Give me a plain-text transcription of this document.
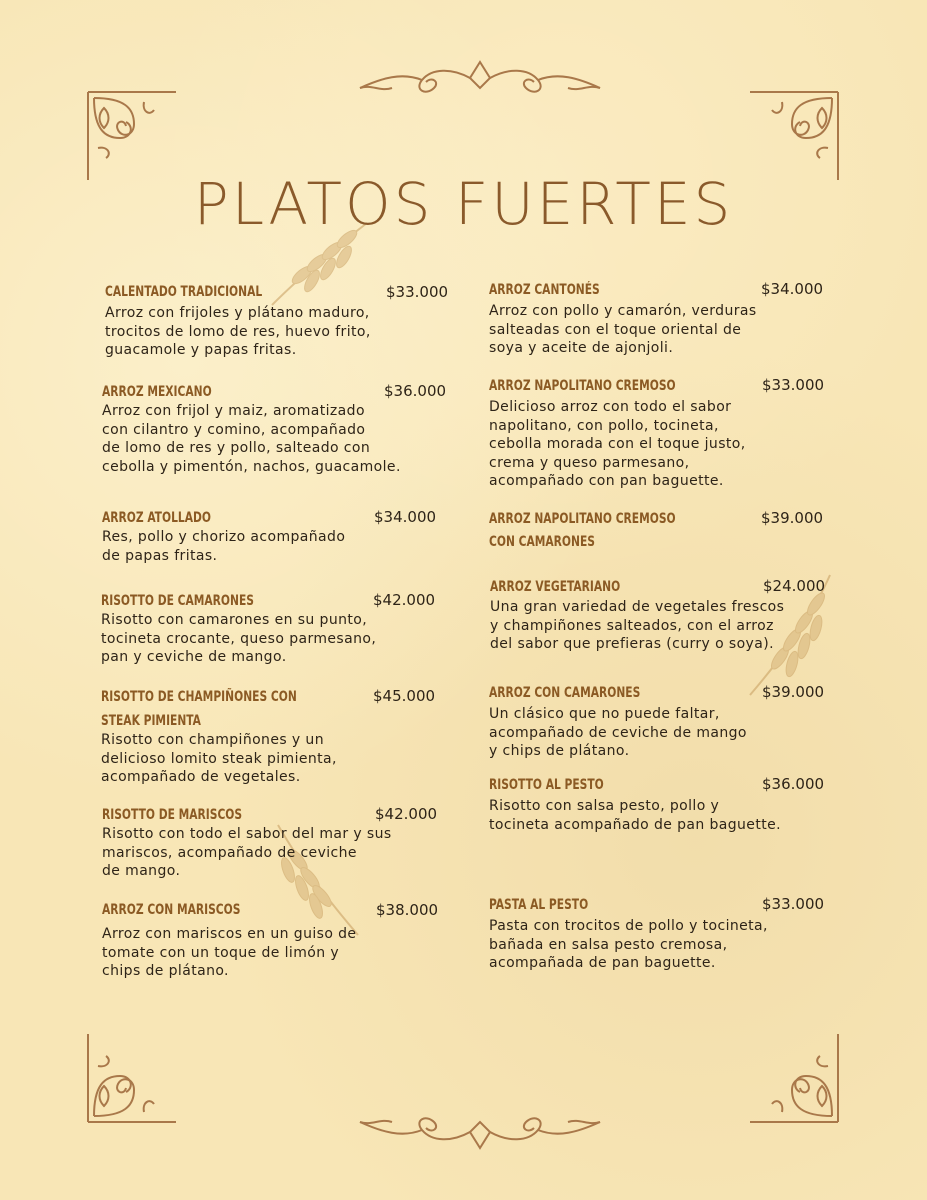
PLATOS FUERTES
CALENTADO TRADICIONAL	$33.000
Arroz con frijoles y plátano maduro,
trocitos de lomo de res, huevo frito,
guacamole y papas fritas.
ARROZ MEXICANO	$36.000
Arroz con frijol y maiz, aromatizado
con cilantro y comino, acompañado
de lomo de res y pollo, salteado con
cebolla y pimentón, nachos, guacamole.
ARROZ ATOLLADO	$34.000
Res, pollo y chorizo acompañado
de papas fritas.
RISOTTO DE CAMARONES	$42.000
Risotto con camarones en su punto,
tocineta crocante, queso parmesano,
pan y ceviche de mango.
RISOTTO DE CHAMPIÑONES CON
STEAK PIMIENTA
$45.000
Risotto con champiñones y un
delicioso lomito steak pimienta,
acompañado de vegetales.
RISOTTO DE MARISCOS	$42.000
Risotto con todo el sabor del mar y sus
mariscos, acompañado de ceviche
de mango.
ARROZ CON MARISCOS	$38.000
Arroz con mariscos en un guiso de
tomate con un toque de limón y
chips de plátano.
ARROZ CANTONÉS	$34.000
Arroz con pollo y camarón, verduras
salteadas con el toque oriental de
soya y aceite de ajonjoli.
ARROZ NAPOLITANO CREMOSO	$33.000
Delicioso arroz con todo el sabor
napolitano, con pollo, tocineta,
cebolla morada con el toque justo,
crema y queso parmesano,
acompañado con pan baguette.
ARROZ NAPOLITANO CREMOSO
CON CAMARONES
$39.000
ARROZ VEGETARIANO	$24.000
Una gran variedad de vegetales frescos
y champiñones salteados, con el arroz
del sabor que prefieras (curry o soya).
ARROZ CON CAMARONES	$39.000
Un clásico que no puede faltar,
acompañado de ceviche de mango
y chips de plátano.
RISOTTO AL PESTO	$36.000
Risotto con salsa pesto, pollo y
tocineta acompañado de pan baguette.
PASTA AL PESTO	$33.000
Pasta con trocitos de pollo y tocineta,
bañada en salsa pesto cremosa,
acompañada de pan baguette.
